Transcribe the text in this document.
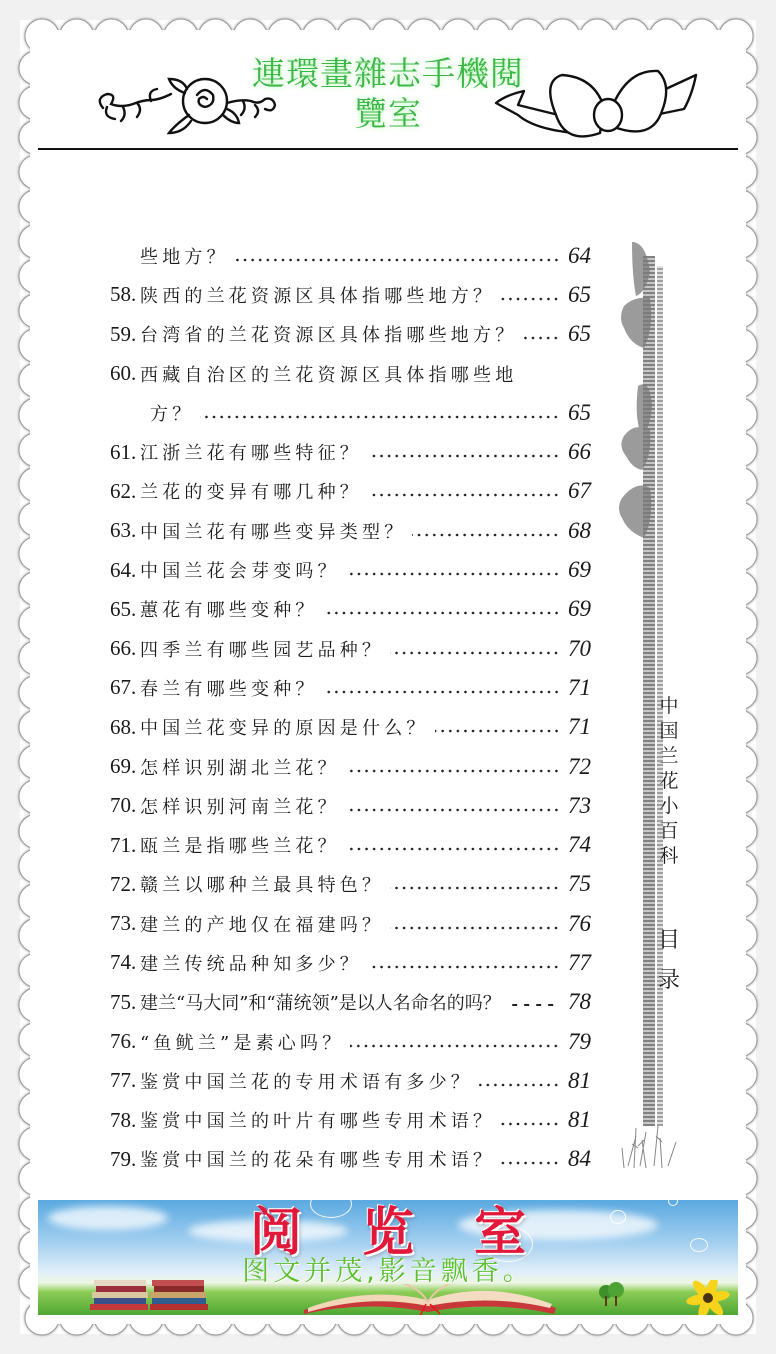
連環畫雜志手機閱
覽室
些地方？	64
58. 陕西的兰花资源区具体指哪些地方？	65
59. 台湾省的兰花资源区具体指哪些地方？ 65
60. 西藏自治区的兰花资源区具体指哪些地
方？	65
61. 江浙兰花有哪些特征？	66
62. 兰花的变异有哪几种？	67
63. 中国兰花有哪些变异类型？	68
64. 中国兰花会芽变吗？	69
65. 蕙花有哪些变种？	69
66. 四季兰有哪些园艺品种？	70
67. 春兰有哪些变种？	71
68. 中国兰花变异的原因是什么？	71
69. 怎样识别湖北兰花？	72
70. 怎样识别河南兰花？	73
71. 瓯兰是指哪些兰花？	74
72. 赣兰以哪种兰最具特色？	75
73. 建兰的产地仅在福建吗？	76
74. 建兰传统品种知多少？	77
75. 建兰“马大同”和“蒲统领”是以人名命名的吗？	78
76. “鱼鱿兰”是素心吗？	79
77. 鉴赏中国兰花的专用术语有多少？	81
78. 鉴赏中国兰的叶片有哪些专用术语？	81
79. 鉴赏中国兰的花朵有哪些专用术语？	84
中
国
兰
花
小
百
科
目
录
阅览室
图文并茂,影音飘香。
